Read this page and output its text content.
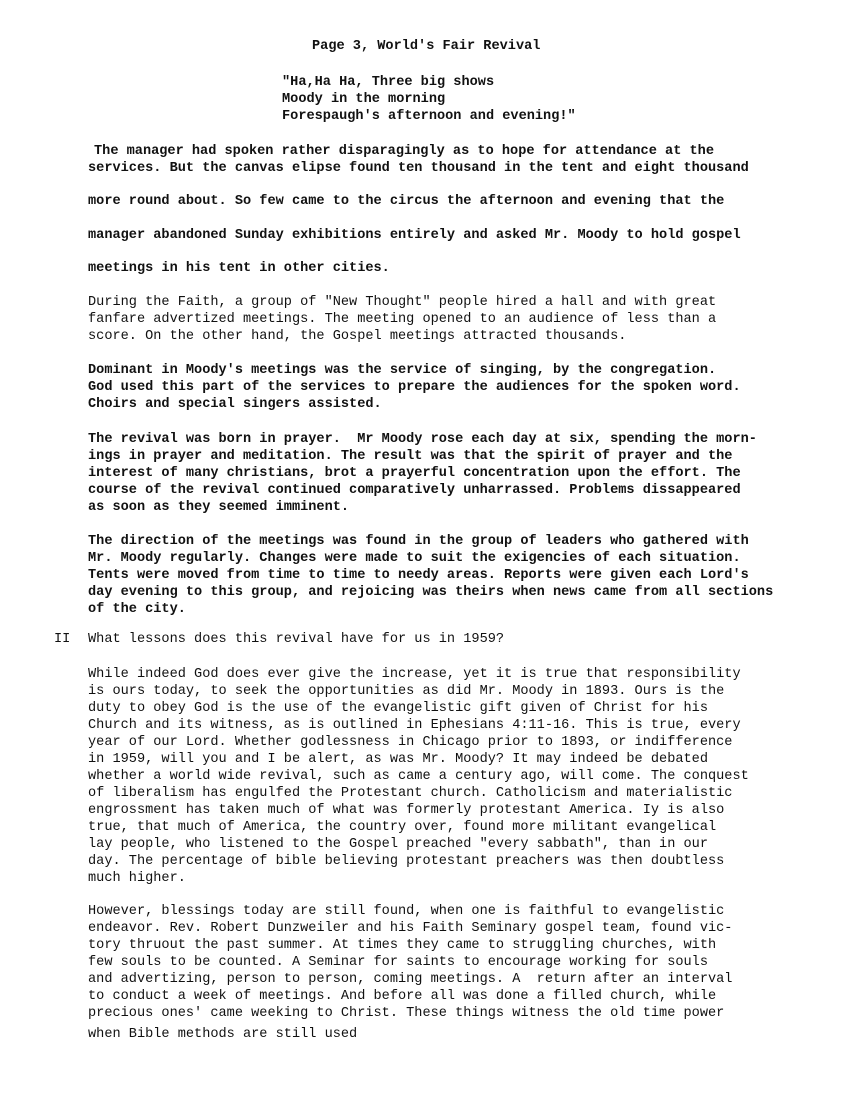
Page 3, World's Fair Revival
"Ha,Ha Ha, Three big shows
Moody in the morning
Forespaugh's afternoon and evening!"
The manager had spoken rather disparagingly as to hope for attendance at the
services. But the canvas elipse found ten thousand in the tent and eight thousand
more round about. So few came to the circus the afternoon and evening that the
manager abandoned Sunday exhibitions entirely and asked Mr. Moody to hold gospel
meetings in his tent in other cities.
During the Faith, a group of "New Thought" people hired a hall and with great
fanfare advertized meetings. The meeting opened to an audience of less than a
score. On the other hand, the Gospel meetings attracted thousands.
Dominant in Moody's meetings was the service of singing, by the congregation.
God used this part of the services to prepare the audiences for the spoken word.
Choirs and special singers assisted.
The revival was born in prayer.  Mr Moody rose each day at six, spending the morn-
ings in prayer and meditation. The result was that the spirit of prayer and the
interest of many christians, brot a prayerful concentration upon the effort. The
course of the revival continued comparatively unharrassed. Problems dissappeared
as soon as they seemed imminent.
The direction of the meetings was found in the group of leaders who gathered with
Mr. Moody regularly. Changes were made to suit the exigencies of each situation.
Tents were moved from time to time to needy areas. Reports were given each Lord's
day evening to this group, and rejoicing was theirs when news came from all sections
of the city.
II What lessons does this revival have for us in 1959?
While indeed God does ever give the increase, yet it is true that responsibility
is ours today, to seek the opportunities as did Mr. Moody in 1893. Ours is the
duty to obey God is the use of the evangelistic gift given of Christ for his
Church and its witness, as is outlined in Ephesians 4:11-16. This is true, every
year of our Lord. Whether godlessness in Chicago prior to 1893, or indifference
in 1959, will you and I be alert, as was Mr. Moody? It may indeed be debated
whether a world wide revival, such as came a century ago, will come. The conquest
of liberalism has engulfed the Protestant church. Catholicism and materialistic
engrossment has taken much of what was formerly protestant America. Iy is also
true, that much of America, the country over, found more militant evangelical
lay people, who listened to the Gospel preached "every sabbath", than in our
day. The percentage of bible believing protestant preachers was then doubtless
much higher.
However, blessings today are still found, when one is faithful to evangelistic
endeavor. Rev. Robert Dunzweiler and his Faith Seminary gospel team, found vic-
tory thruout the past summer. At times they came to struggling churches, with
few souls to be counted. A Seminar for saints to encourage working for souls
and advertizing, person to person, coming meetings. A  return after an interval
to conduct a week of meetings. And before all was done a filled church, while
precious ones' came weeking to Christ. These things witness the old time power
when Bible methods are still used
